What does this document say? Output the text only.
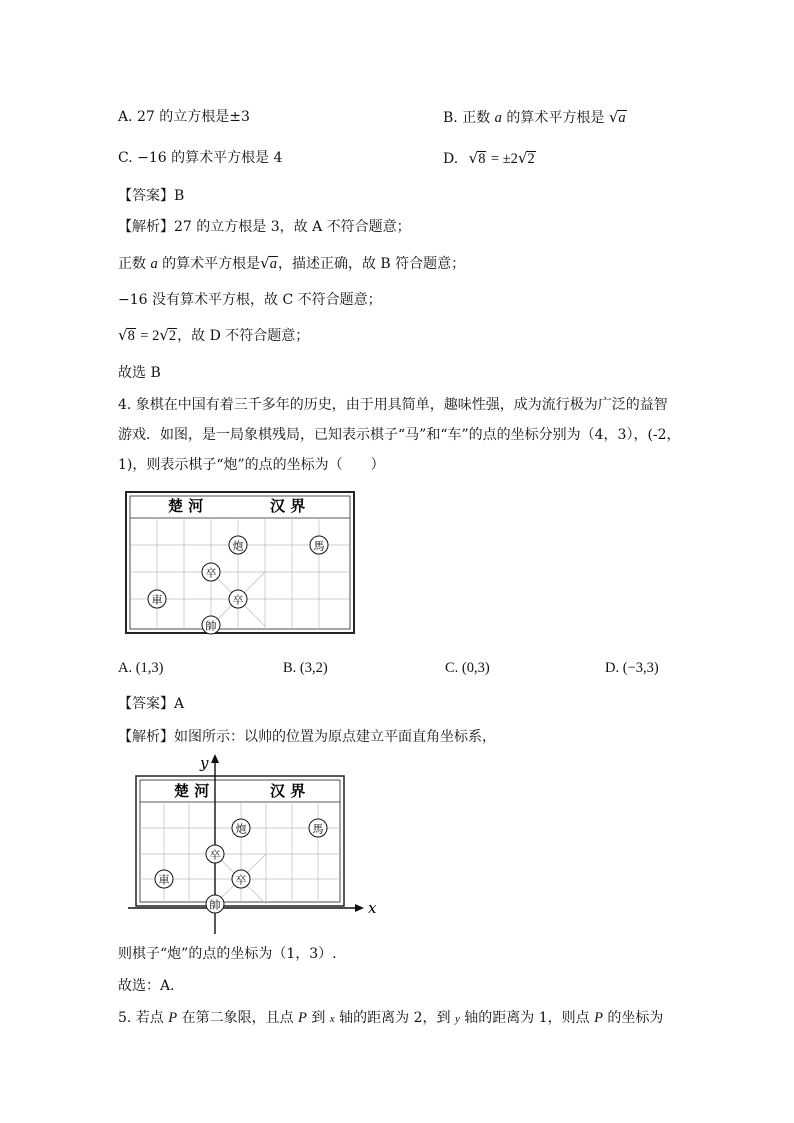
A. 27 的立方根是±3	B. 正数 a 的算术平方根是 √a
C. −16 的算术平方根是 4	D. √8 = ±2√2
【答案】B
【解析】27 的立方根是 3，故 A 不符合题意；
正数 a 的算术平方根是√a，描述正确，故 B 符合题意；
−16 没有算术平方根，故 C 不符合题意；
√8 = 2√2，故 D 不符合题意；
故选 B
4. 象棋在中国有着三千多年的历史，由于用具简单，趣味性强，成为流行极为广泛的益智
游戏．如图，是一局象棋残局，已知表示棋子“马”和“车”的点的坐标分别为（4，3），(-2，
1)，则表示棋子“炮”的点的坐标为（　　）
楚 河	汉 界
炮	馬
卒
卒
車
帥
A. (1,3)	B. (3,2)	C. (0,3)	D. (−3,3)
【答案】A
【解析】如图所示：以帅的位置为原点建立平面直角坐标系，
楚 河	汉 界
y
x
炮	馬
卒
卒
車
帥
则棋子“炮”的点的坐标为（1，3）.
故选：A．
5. 若点 P 在第二象限，且点 P 到 x 轴的距离为 2，到 y 轴的距离为 1，则点 P 的坐标为
